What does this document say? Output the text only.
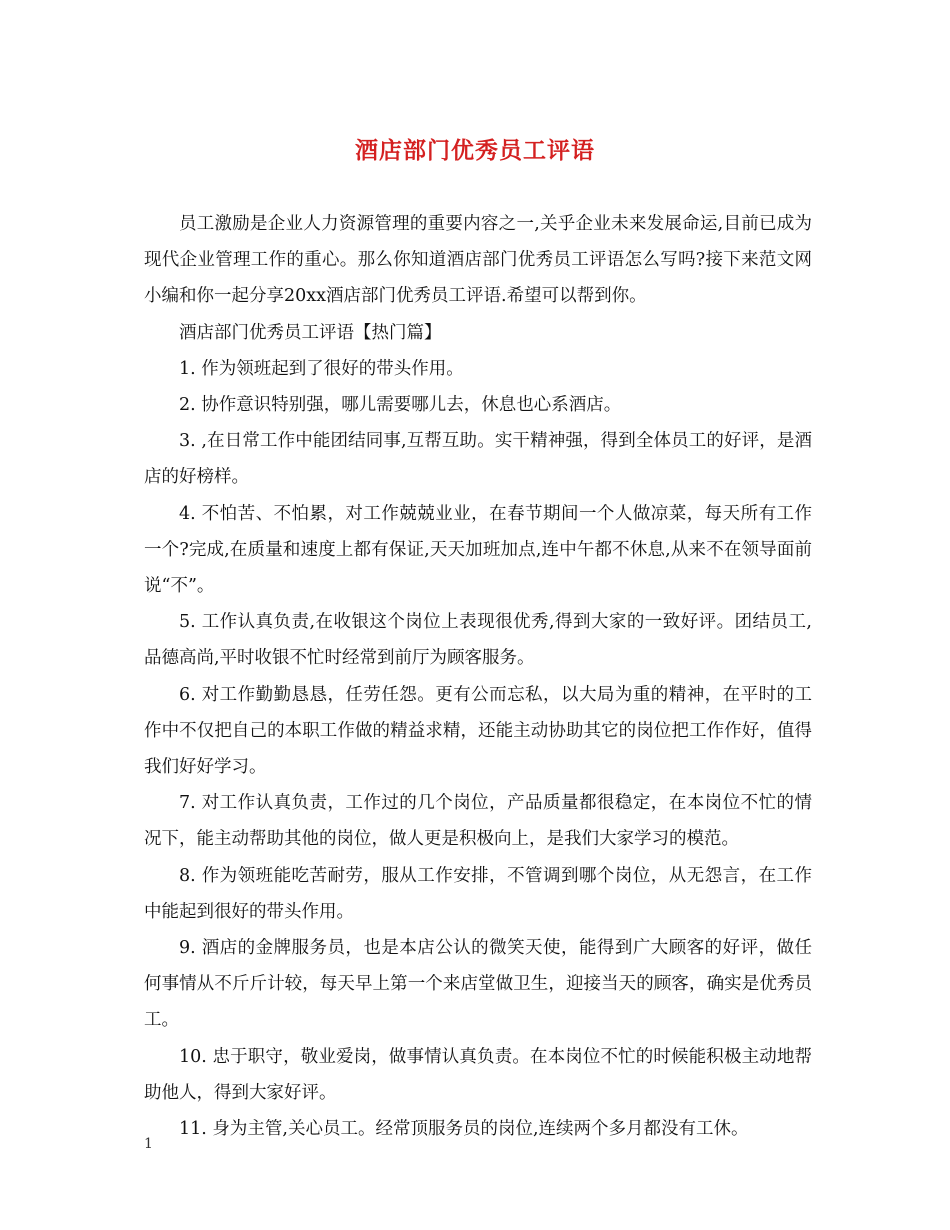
酒店部门优秀员工评语

员工激励是企业人力资源管理的重要内容之一,关乎企业未来发展命运,目前已成为现代企业管理工作的重心。那么你知道酒店部门优秀员工评语怎么写吗?接下来范文网小编和你一起分享20xx酒店部门优秀员工评语.希望可以帮到你。

酒店部门优秀员工评语【热门篇】

1. 作为领班起到了很好的带头作用。

2. 协作意识特别强，哪儿需要哪儿去，休息也心系酒店。

3. ,在日常工作中能团结同事,互帮互助。实干精神强，得到全体员工的好评，是酒店的好榜样。

4. 不怕苦、不怕累，对工作兢兢业业，在春节期间一个人做凉菜，每天所有工作一个?完成,在质量和速度上都有保证,天天加班加点,连中午都不休息,从来不在领导面前说“不”。

5. 工作认真负责,在收银这个岗位上表现很优秀,得到大家的一致好评。团结员工,品德高尚,平时收银不忙时经常到前厅为顾客服务。

6. 对工作勤勤恳恳，任劳任怨。更有公而忘私，以大局为重的精神，在平时的工作中不仅把自己的本职工作做的精益求精，还能主动协助其它的岗位把工作作好，值得我们好好学习。

7. 对工作认真负责，工作过的几个岗位，产品质量都很稳定，在本岗位不忙的情况下，能主动帮助其他的岗位，做人更是积极向上，是我们大家学习的模范。

8. 作为领班能吃苦耐劳，服从工作安排，不管调到哪个岗位，从无怨言，在工作中能起到很好的带头作用。

9. 酒店的金牌服务员，也是本店公认的微笑天使，能得到广大顾客的好评，做任何事情从不斤斤计较，每天早上第一个来店堂做卫生，迎接当天的顾客，确实是优秀员工。

10. 忠于职守，敬业爱岗，做事情认真负责。在本岗位不忙的时候能积极主动地帮助他人，得到大家好评。

11. 身为主管,关心员工。经常顶服务员的岗位,连续两个多月都没有工休。

1
